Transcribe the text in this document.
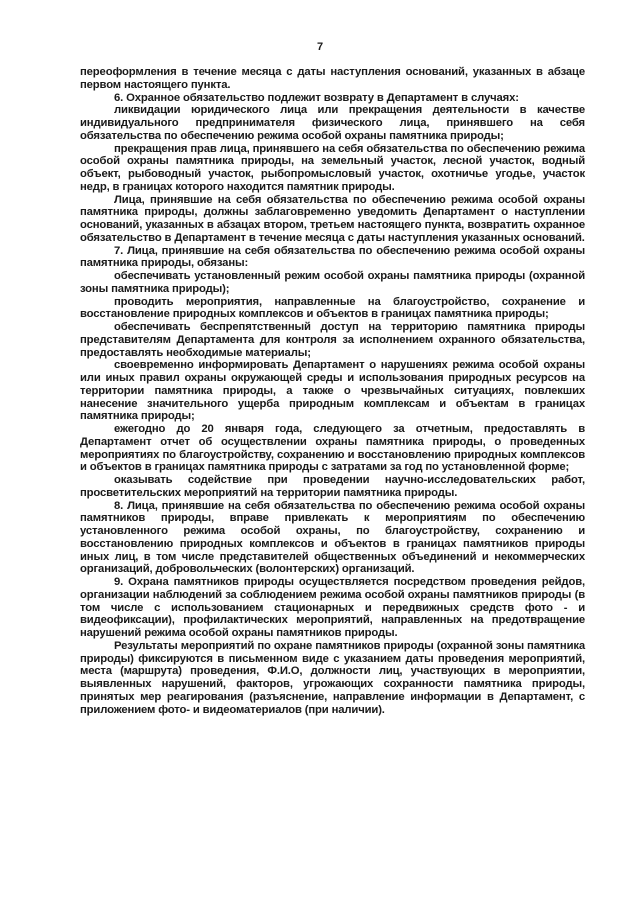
7

переоформления в течение месяца с даты наступления оснований, указанных в абзаце первом настоящего пункта.

6. Охранное обязательство подлежит возврату в Департамент в случаях:

ликвидации юридического лица или прекращения деятельности в качестве индивидуального предпринимателя физического лица, принявшего на себя обязательства по обеспечению режима особой охраны памятника природы;

прекращения прав лица, принявшего на себя обязательства по обеспечению режима особой охраны памятника природы, на земельный участок, лесной участок, водный объект, рыбоводный участок, рыбопромысловый участок, охотничье угодье, участок недр, в границах которого находится памятник природы.

Лица, принявшие на себя обязательства по обеспечению режима особой охраны памятника природы, должны заблаговременно уведомить Департамент о наступлении оснований, указанных в абзацах втором, третьем настоящего пункта, возвратить охранное обязательство в Департамент в течение месяца с даты наступления указанных оснований.

7. Лица, принявшие на себя обязательства по обеспечению режима особой охраны памятника природы, обязаны:

обеспечивать установленный режим особой охраны памятника природы (охранной зоны памятника природы);

проводить мероприятия, направленные на благоустройство, сохранение и восстановление природных комплексов и объектов в границах памятника природы;

обеспечивать беспрепятственный доступ на территорию памятника природы представителям Департамента для контроля за исполнением охранного обязательства, предоставлять необходимые материалы;

своевременно информировать Департамент о нарушениях режима особой охраны или иных правил охраны окружающей среды и использования природных ресурсов на территории памятника природы, а также о чрезвычайных ситуациях, повлекших нанесение значительного ущерба природным комплексам и объектам в границах памятника природы;

ежегодно до 20 января года, следующего за отчетным, предоставлять в Департамент отчет об осуществлении охраны памятника природы, о проведенных мероприятиях по благоустройству, сохранению и восстановлению природных комплексов и объектов в границах памятника природы с затратами за год по установленной форме;

оказывать содействие при проведении научно-исследовательских работ, просветительских мероприятий на территории памятника природы.

8. Лица, принявшие на себя обязательства по обеспечению режима особой охраны памятников природы, вправе привлекать к мероприятиям по обеспечению установленного режима особой охраны, по благоустройству, сохранению и восстановлению природных комплексов и объектов в границах памятников природы иных лиц, в том числе представителей общественных объединений и некоммерческих организаций, добровольческих (волонтерских) организаций.

9. Охрана памятников природы осуществляется посредством проведения рейдов, организации наблюдений за соблюдением режима особой охраны памятников природы (в том числе с использованием стационарных и передвижных средств фото - и видеофиксации), профилактических мероприятий, направленных на предотвращение нарушений режима особой охраны памятников природы.

Результаты мероприятий по охране памятников природы (охранной зоны памятника природы) фиксируются в письменном виде с указанием даты проведения мероприятий, места (маршрута) проведения, Ф.И.О, должности лиц, участвующих в мероприятии, выявленных нарушений, факторов, угрожающих сохранности памятника природы, принятых мер реагирования (разъяснение, направление информации в Департамент, с приложением фото- и видеоматериалов (при наличии).
